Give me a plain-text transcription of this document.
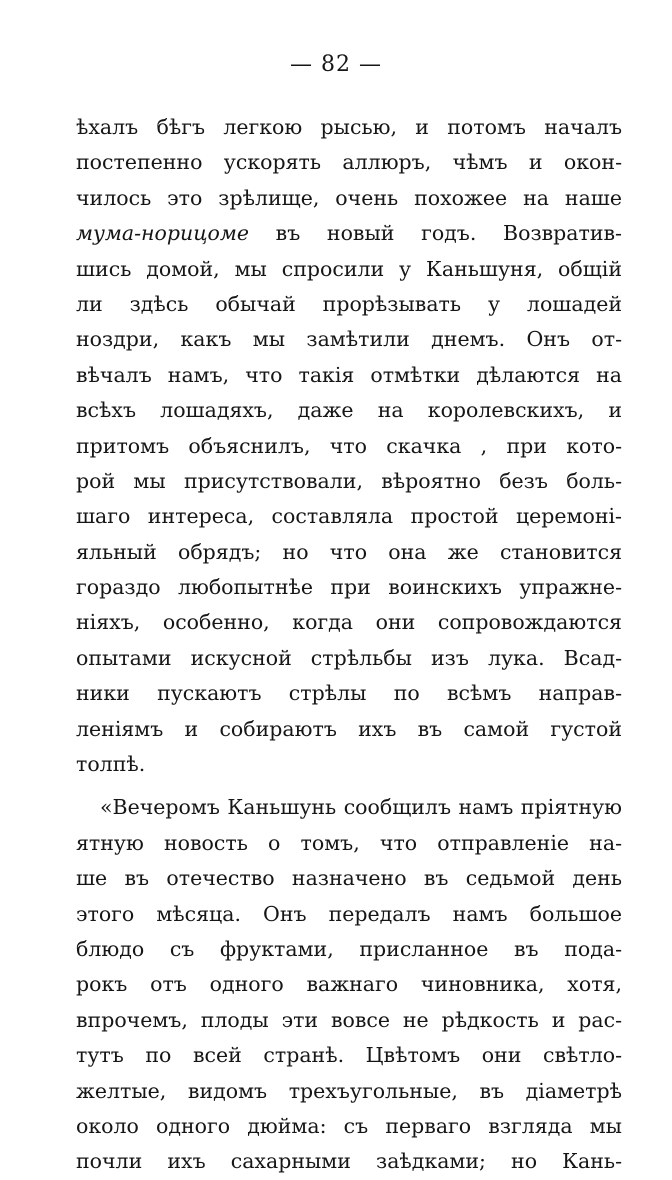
— 82 —
ѣхалъ бѣгъ легкою рысью, и потомъ началъ
постепенно ускорять аллюръ, чѣмъ и окон-
чилось это зрѣлище, очень похожее на наше
мума-норицоме въ новый годъ. Возвратив-
шись домой, мы спросили у Каньшуня, общій
ли здѣсь обычай прорѣзывать у лошадей
ноздри, какъ мы замѣтили днемъ. Онъ от-
вѣчалъ намъ, что такія отмѣтки дѣлаются на
всѣхъ лошадяхъ, даже на королевскихъ, и
притомъ объяснилъ, что скачка , при кото-
рой мы присутствовали, вѣроятно безъ боль-
шаго интереса, составляла простой церемоні-
яльный обрядъ; но что она же становится
гораздо любопытнѣе при воинскихъ упражне-
ніяхъ, особенно, когда они сопровождаются
опытами искусной стрѣльбы изъ лука. Всад-
ники пускаютъ стрѣлы по всѣмъ направ-
леніямъ и собираютъ ихъ въ самой густой
толпѣ.
«Вечеромъ Каньшунь сообщилъ намъ пріятную
ятную новость о томъ, что отправленіе на-
ше въ отечество назначено въ седьмой день
этого мѣсяца. Онъ передалъ намъ большое
блюдо съ фруктами, присланное въ пода-
рокъ отъ одного важнаго чиновника, хотя,
впрочемъ, плоды эти вовсе не рѣдкость и рас-
тутъ по всей странѣ. Цвѣтомъ они свѣтло-
желтые, видомъ трехъугольные, въ діаметрѣ
около одного дюйма: съ перваго взгляда мы
почли ихъ сахарными заѣдками; но Кань-
